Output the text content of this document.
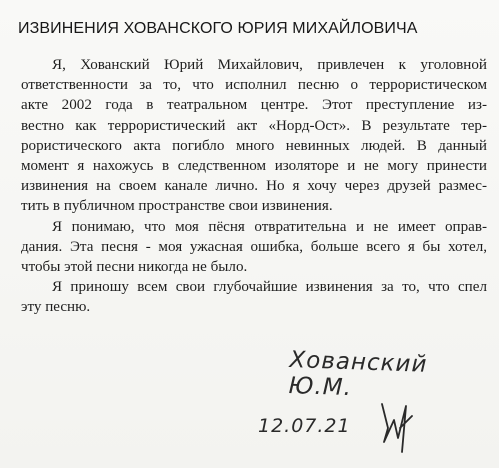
ИЗВИНЕНИЯ ХОВАНСКОГО ЮРИЯ МИХАЙЛОВИЧА
Я, Хованский Юрий Михайлович, привлечен к уголовной
ответственности за то, что исполнил песню о террористическом
акте 2002 года в театральном центре. Этот преступление из-
вестно как террористический акт «Норд-Ост». В результате тер-
рористического акта погибло много невинных людей. В данный
момент я нахожусь в следственном изоляторе и не могу принести
извинения на своем канале лично. Но я хочу через друзей размес-
тить в публичном пространстве свои извинения.
Я понимаю, что моя пёсня отвратительна и не имеет оправ-
дания. Эта песня - моя ужасная ошибка, больше всего я бы хотел,
чтобы этой песни никогда не было.
Я приношу всем свои глубочайшие извинения за то, что спел
эту песню.
Хованский Ю.М.
12.07.21
